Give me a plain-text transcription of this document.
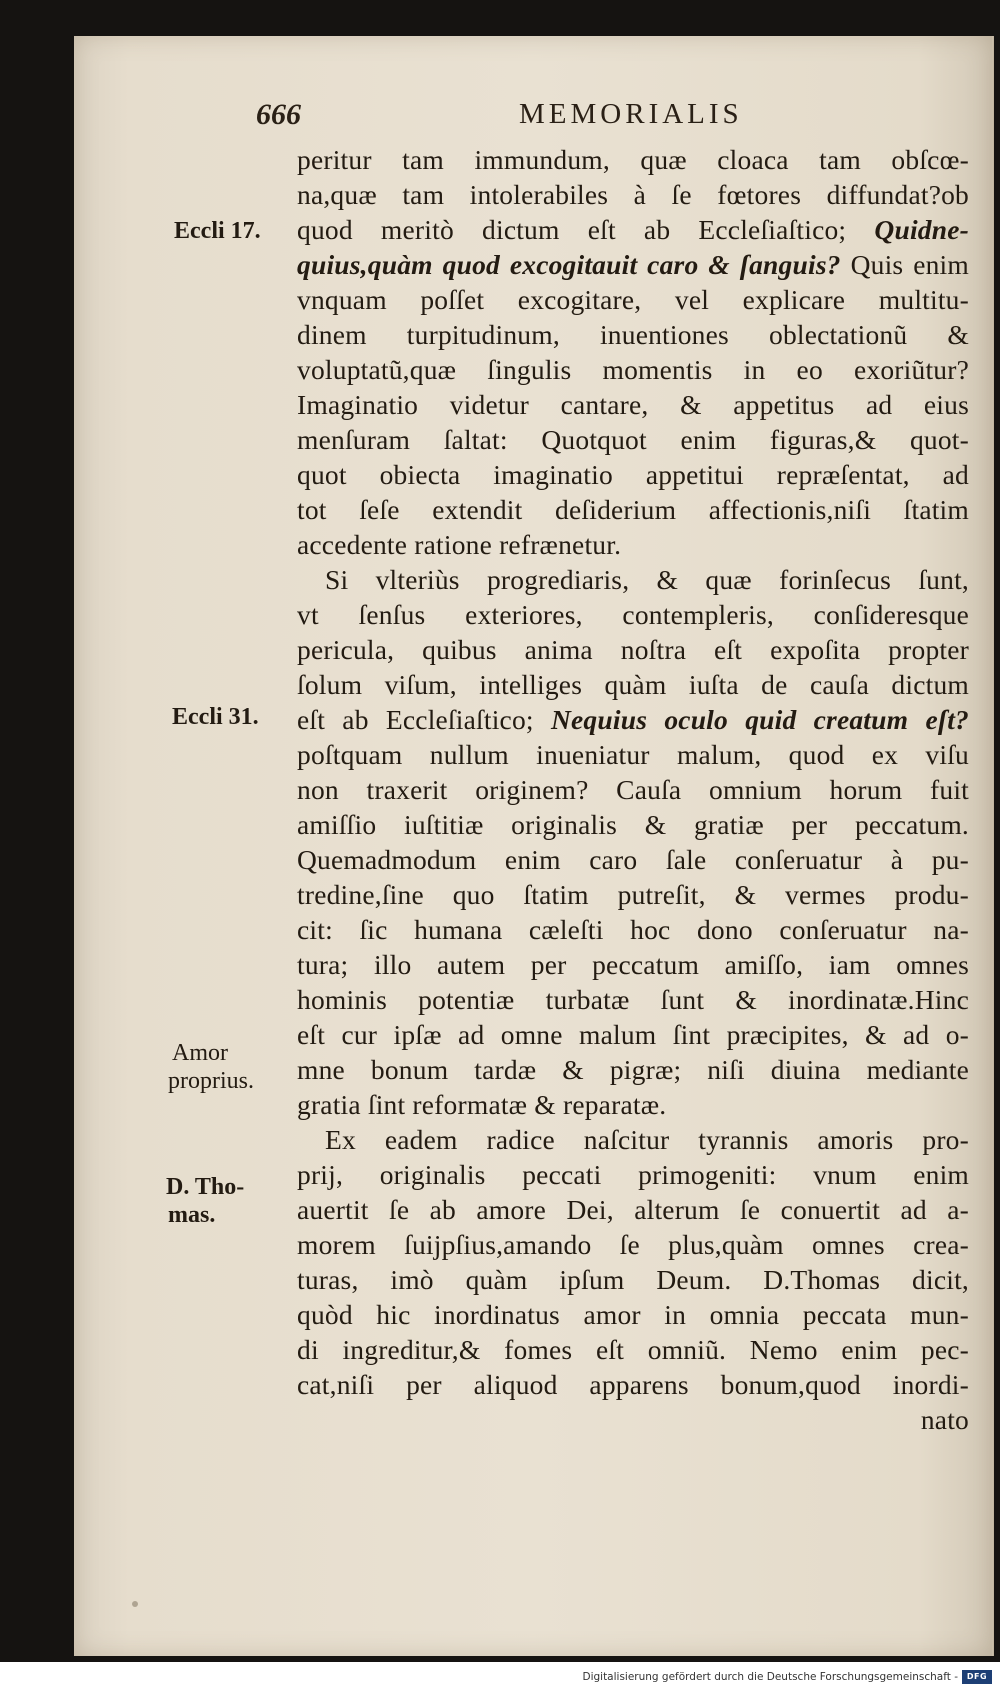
666	MEMORIALIS
Eccli 17.
Eccli 31.
Amor
proprius.
D. Tho-
mas.
peritur tam immundum, quæ cloaca tam obſcœ-
na,quæ tam intolerabiles à ſe fœtores diffundat?ob
quod meritò dictum eſt ab Eccleſiaſtico; Quidne-
quius,quàm quod excogitauit caro & ſanguis? Quis enim
vnquam poſſet excogitare, vel explicare multitu-
dinem turpitudinum, inuentiones oblectationũ &
voluptatũ,quæ ſingulis momentis in eo exoriũtur?
Imaginatio videtur cantare, & appetitus ad eius
menſuram ſaltat: Quotquot enim figuras,& quot-
quot obiecta imaginatio appetitui repræſentat, ad
tot ſeſe extendit deſiderium affectionis,niſi ſtatim
accedente ratione refrænetur.
Si vlteriùs progrediaris, & quæ forinſecus ſunt,
vt ſenſus exteriores, contempleris, conſideresque
pericula, quibus anima noſtra eſt expoſita propter
ſolum viſum, intelliges quàm iuſta de cauſa dictum
eſt ab Eccleſiaſtico; Nequius oculo quid creatum eſt?
poſtquam nullum inueniatur malum, quod ex viſu
non traxerit originem? Cauſa omnium horum fuit
amiſſio iuſtitiæ originalis & gratiæ per peccatum.
Quemadmodum enim caro ſale conſeruatur à pu-
tredine,ſine quo ſtatim putreſit, & vermes produ-
cit: ſic humana cæleſti hoc dono conſeruatur na-
tura; illo autem per peccatum amiſſo, iam omnes
hominis potentiæ turbatæ ſunt & inordinatæ.Hinc
eſt cur ipſæ ad omne malum ſint præcipites, & ad o-
mne bonum tardæ & pigræ; niſi diuina mediante
gratia ſint reformatæ & reparatæ.
Ex eadem radice naſcitur tyrannis amoris pro-
prij, originalis peccati primogeniti: vnum enim
auertit ſe ab amore Dei, alterum ſe conuertit ad a-
morem ſuijpſius,amando ſe plus,quàm omnes crea-
turas, imò quàm ipſum Deum. D.Thomas dicit,
quòd hic inordinatus amor in omnia peccata mun-
di ingreditur,& fomes eſt omniũ. Nemo enim pec-
cat,niſi per aliquod apparens bonum,quod inordi-
nato
Digitalisierung gefördert durch die Deutsche Forschungsgemeinschaft -	DFG
